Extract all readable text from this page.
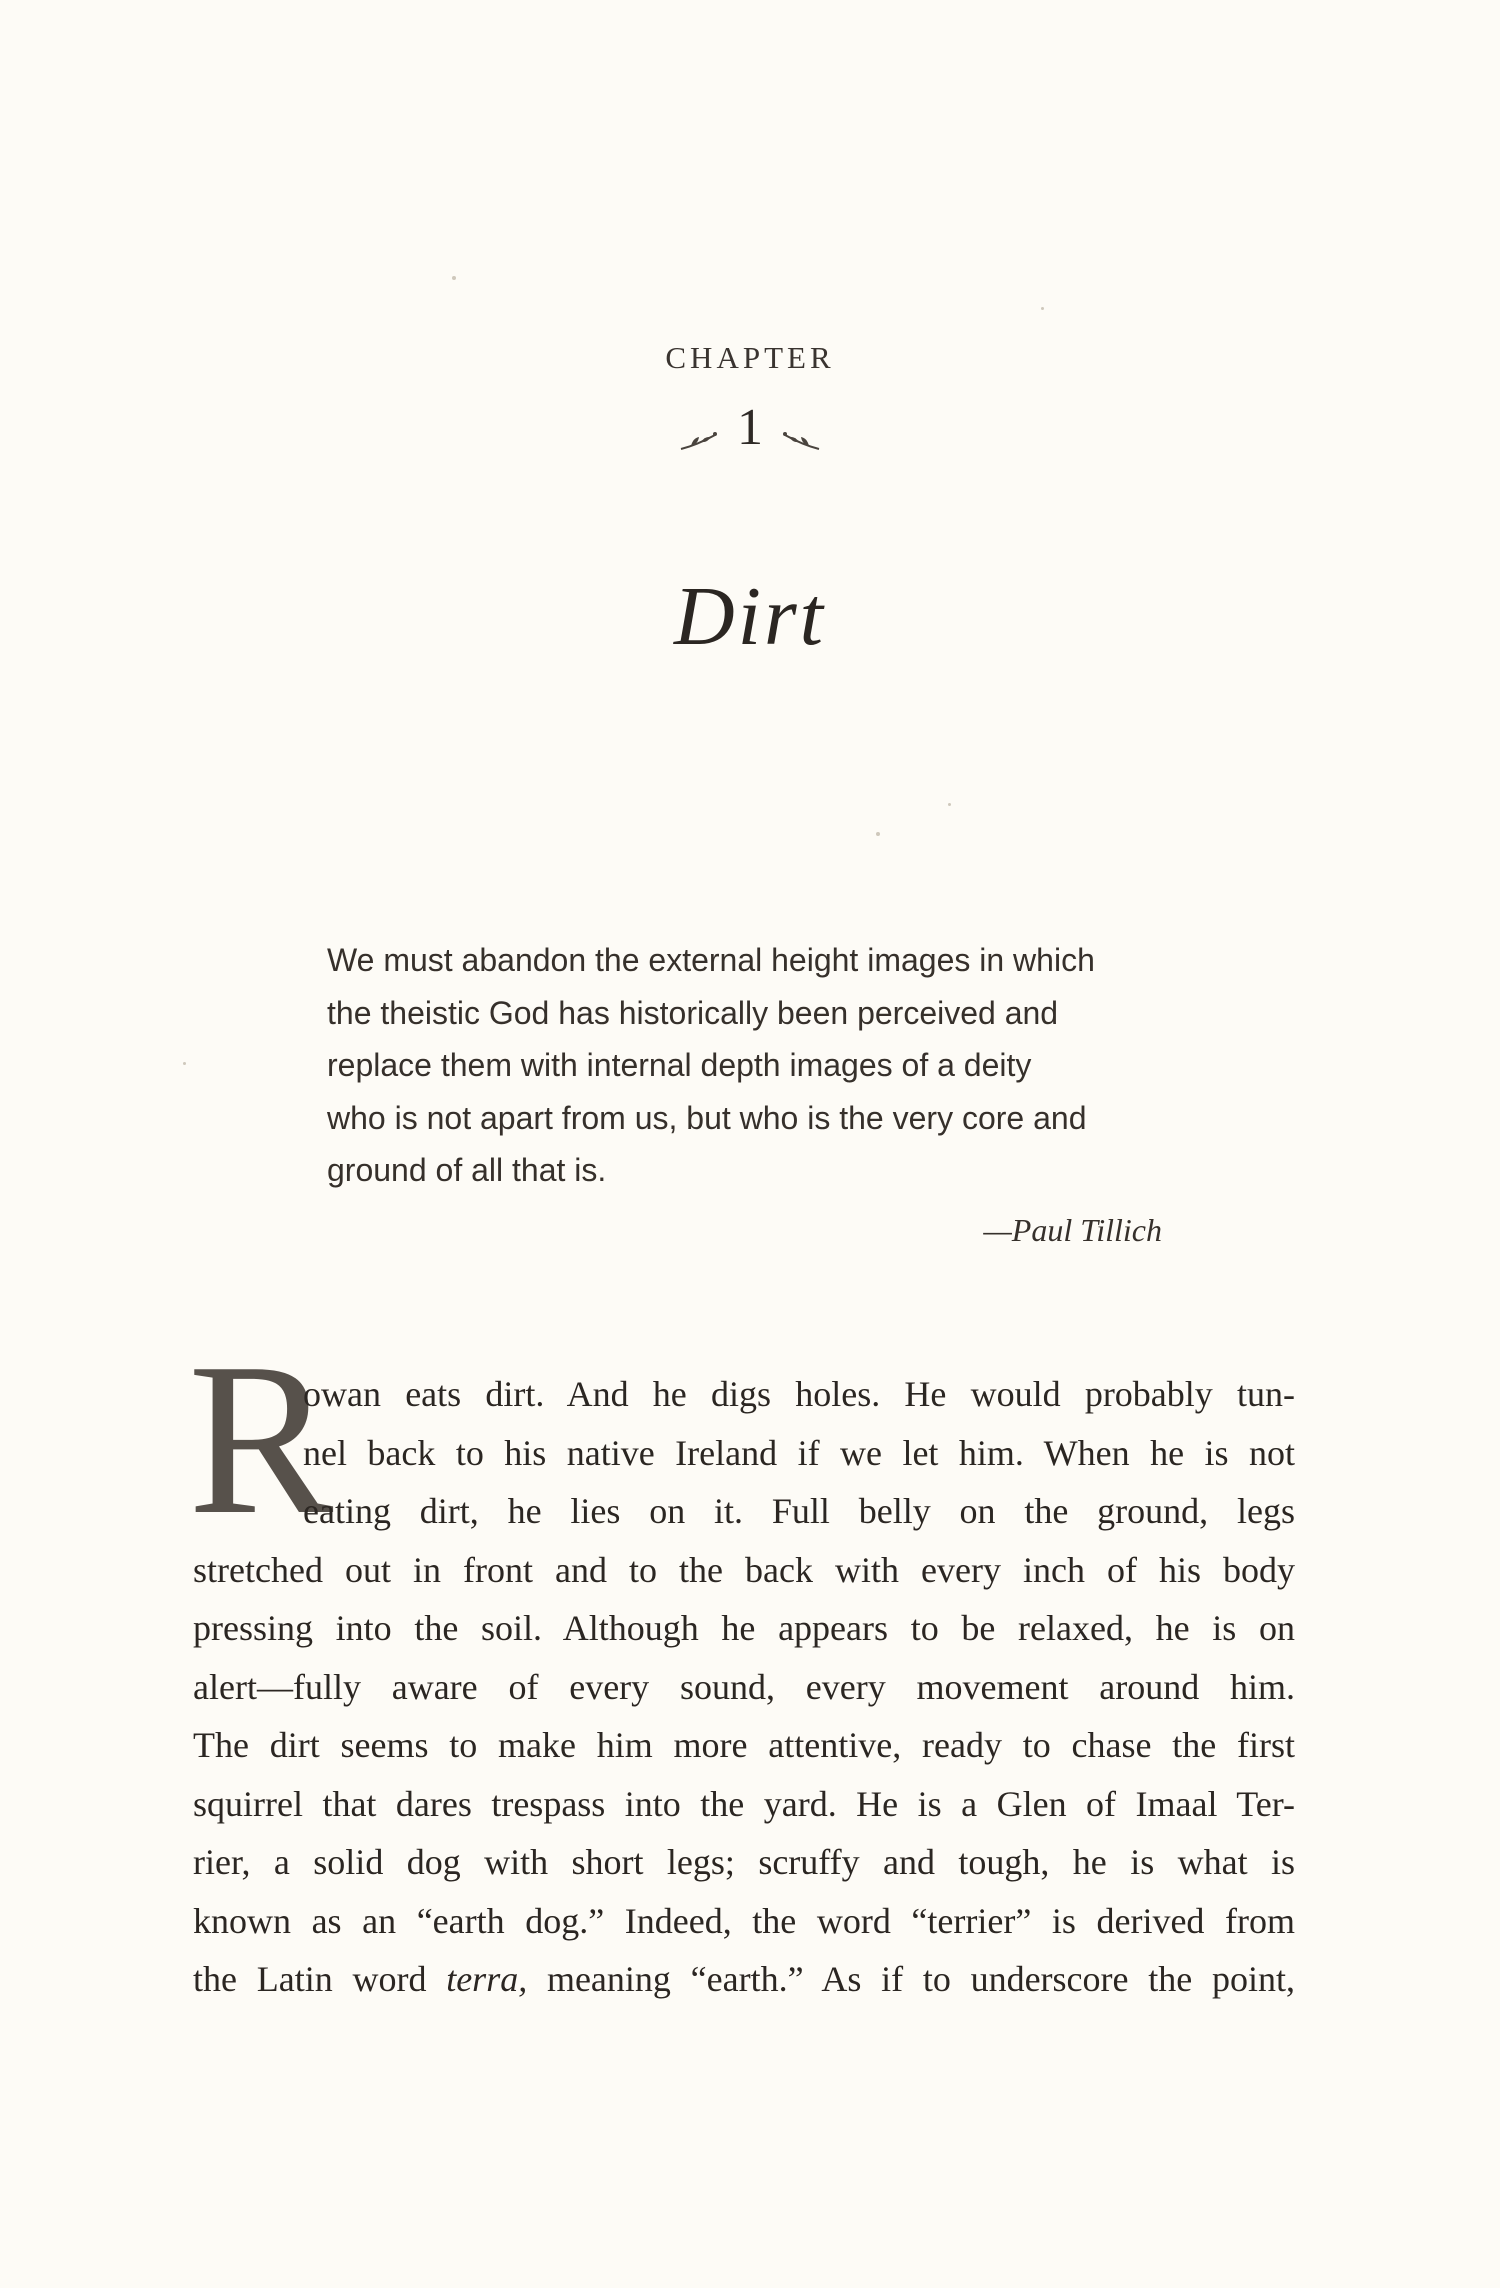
CHAPTER
1
Dirt
We must abandon the external height images in which
the theistic God has historically been perceived and
replace them with internal depth images of a deity
who is not apart from us, but who is the very core and
ground of all that is.
—Paul Tillich
R
owan eats dirt. And he digs holes. He would probably tun-
nel back to his native Ireland if we let him. When he is not
eating dirt, he lies on it. Full belly on the ground, legs
stretched out in front and to the back with every inch of his body
pressing into the soil. Although he appears to be relaxed, he is on
alert—fully aware of every sound, every movement around him.
The dirt seems to make him more attentive, ready to chase the first
squirrel that dares trespass into the yard. He is a Glen of Imaal Ter-
rier, a solid dog with short legs; scruffy and tough, he is what is
known as an “earth dog.” Indeed, the word “terrier” is derived from
the Latin word terra, meaning “earth.” As if to underscore the point,
